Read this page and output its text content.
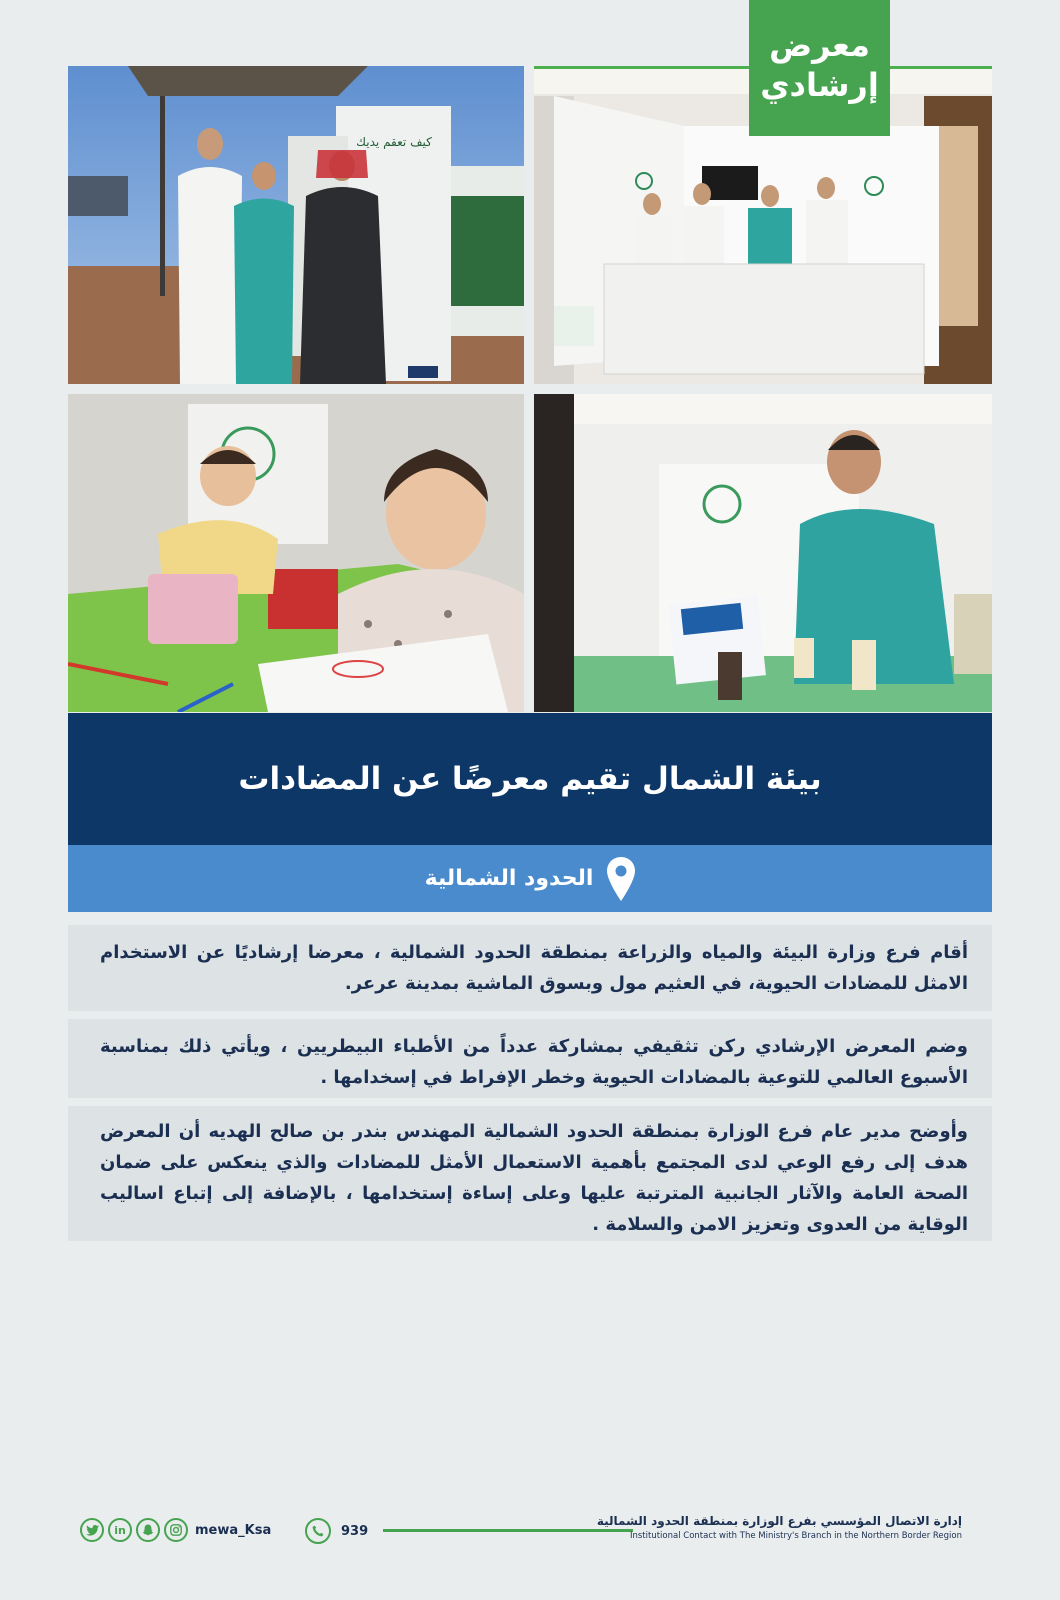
كيف تعقم يديك
معرض
إرشادي
بيئة الشمال تقيم معرضًا عن المضادات
الحدود الشمالية
أقام فرع وزارة البيئة والمياه والزراعة بمنطقة الحدود الشمالية ، معرضا إرشاديًا عن الاستخدام الامثل للمضادات الحيوية، في العثيم مول وبسوق الماشية بمدينة عرعر.
وضم المعرض الإرشادي ركن تثقيفي بمشاركة عدداً من الأطباء البيطريين ، ويأتي ذلك بمناسبة الأسبوع العالمي للتوعية بالمضادات الحيوية وخطر الإفراط في إسخدامها .
وأوضح مدير عام فرع الوزارة بمنطقة الحدود الشمالية المهندس بندر بن صالح الهديه أن المعرض هدف إلى رفع الوعي لدى المجتمع بأهمية الاستعمال الأمثل للمضادات والذي ينعكس على ضمان الصحة العامة والآثار الجانبية المترتبة عليها وعلى إساءة إستخدامها ، بالإضافة إلى إتباع اساليب الوقاية من العدوى وتعزيز الامن والسلامة .
in	mewa_Ksa	939
إدارة الاتصال المؤسسي بفرع الوزارة بمنطقة الحدود الشمالية
Institutional Contact with The Ministry's Branch in the Northern Border Region
